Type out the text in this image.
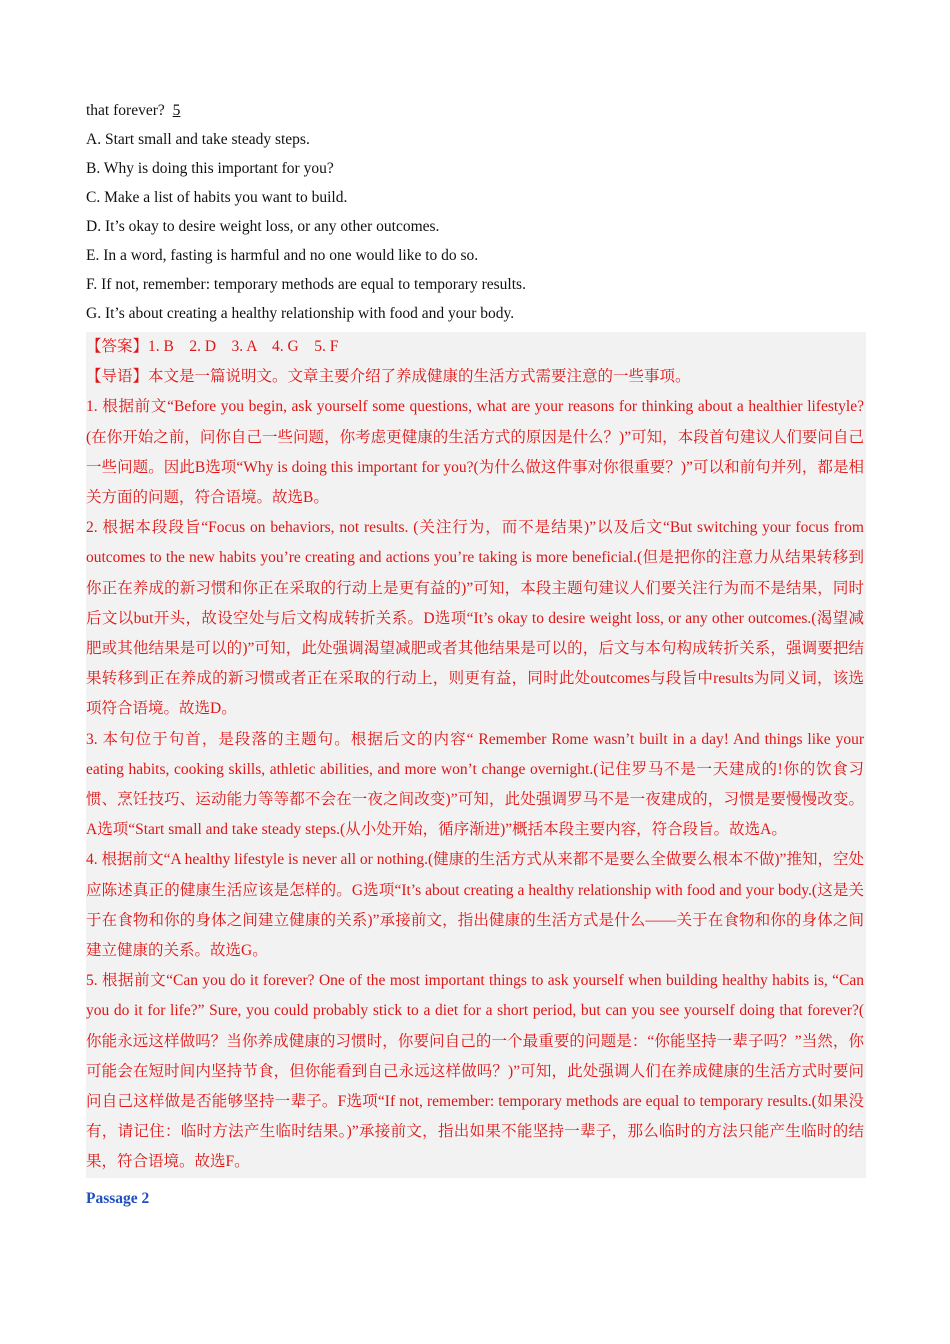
that forever? 5
A. Start small and take steady steps.
B. Why is doing this important for you?
C. Make a list of habits you want to build.
D. It’s okay to desire weight loss, or any other outcomes.
E. In a word, fasting is harmful and no one would like to do so.
F. If not, remember: temporary methods are equal to temporary results.
G. It’s about creating a healthy relationship with food and your body.

【答案】1. B    2. D    3. A    4. G    5. F

【导语】本文是一篇说明文。文章主要介绍了养成健康的生活方式需要注意的一些事项。

1. 根据前文“Before you begin, ask yourself some questions, what are your reasons for thinking about a healthier lifestyle?(在你开始之前，问你自己一些问题，你考虑更健康的生活方式的原因是什么？)”可知，本段首句建议人们要问自己一些问题。因此B选项“Why is doing this important for you?(为什么做这件事对你很重要？)”可以和前句并列，都是相关方面的问题，符合语境。故选B。

2. 根据本段段旨“Focus on behaviors, not results. (关注行为，而不是结果)”以及后文“But switching your focus from outcomes to the new habits you’re creating and actions you’re taking is more beneficial.(但是把你的注意力从结果转移到你正在养成的新习惯和你正在采取的行动上是更有益的)”可知，本段主题句建议人们要关注行为而不是结果，同时后文以but开头，故设空处与后文构成转折关系。D选项“It’s okay to desire weight loss, or any other outcomes.(渴望减肥或其他结果是可以的)”可知，此处强调渴望减肥或者其他结果是可以的，后文与本句构成转折关系，强调要把结果转移到正在养成的新习惯或者正在采取的行动上，则更有益，同时此处outcomes与段旨中results为同义词，该选项符合语境。故选D。

3. 本句位于句首，是段落的主题句。根据后文的内容“ Remember Rome wasn’t built in a day! And things like your eating habits, cooking skills, athletic abilities, and more won’t change overnight.(记住罗马不是一天建成的!你的饮食习惯、烹饪技巧、运动能力等等都不会在一夜之间改变)”可知，此处强调罗马不是一夜建成的，习惯是要慢慢改变。A选项“Start small and take steady steps.(从小处开始，循序渐进)”概括本段主要内容，符合段旨。故选A。

4. 根据前文“A healthy lifestyle is never all or nothing.(健康的生活方式从来都不是要么全做要么根本不做)”推知，空处应陈述真正的健康生活应该是怎样的。G选项“It’s about creating a healthy relationship with food and your body.(这是关于在食物和你的身体之间建立健康的关系)”承接前文，指出健康的生活方式是什么——关于在食物和你的身体之间建立健康的关系。故选G。

5. 根据前文“Can you do it forever? One of the most important things to ask yourself when building healthy habits is, “Can you do it for life?” Sure, you could probably stick to a diet for a short period, but can you see yourself doing that forever?( 你能永远这样做吗？当你养成健康的习惯时，你要问自己的一个最重要的问题是：“你能坚持一辈子吗？”当然，你可能会在短时间内坚持节食，但你能看到自己永远这样做吗？)”可知，此处强调人们在养成健康的生活方式时要问问自己这样做是否能够坚持一辈子。F选项“If not, remember: temporary methods are equal to temporary results.(如果没有，请记住：临时方法产生临时结果。)”承接前文，指出如果不能坚持一辈子，那么临时的方法只能产生临时的结果，符合语境。故选F。

Passage 2
